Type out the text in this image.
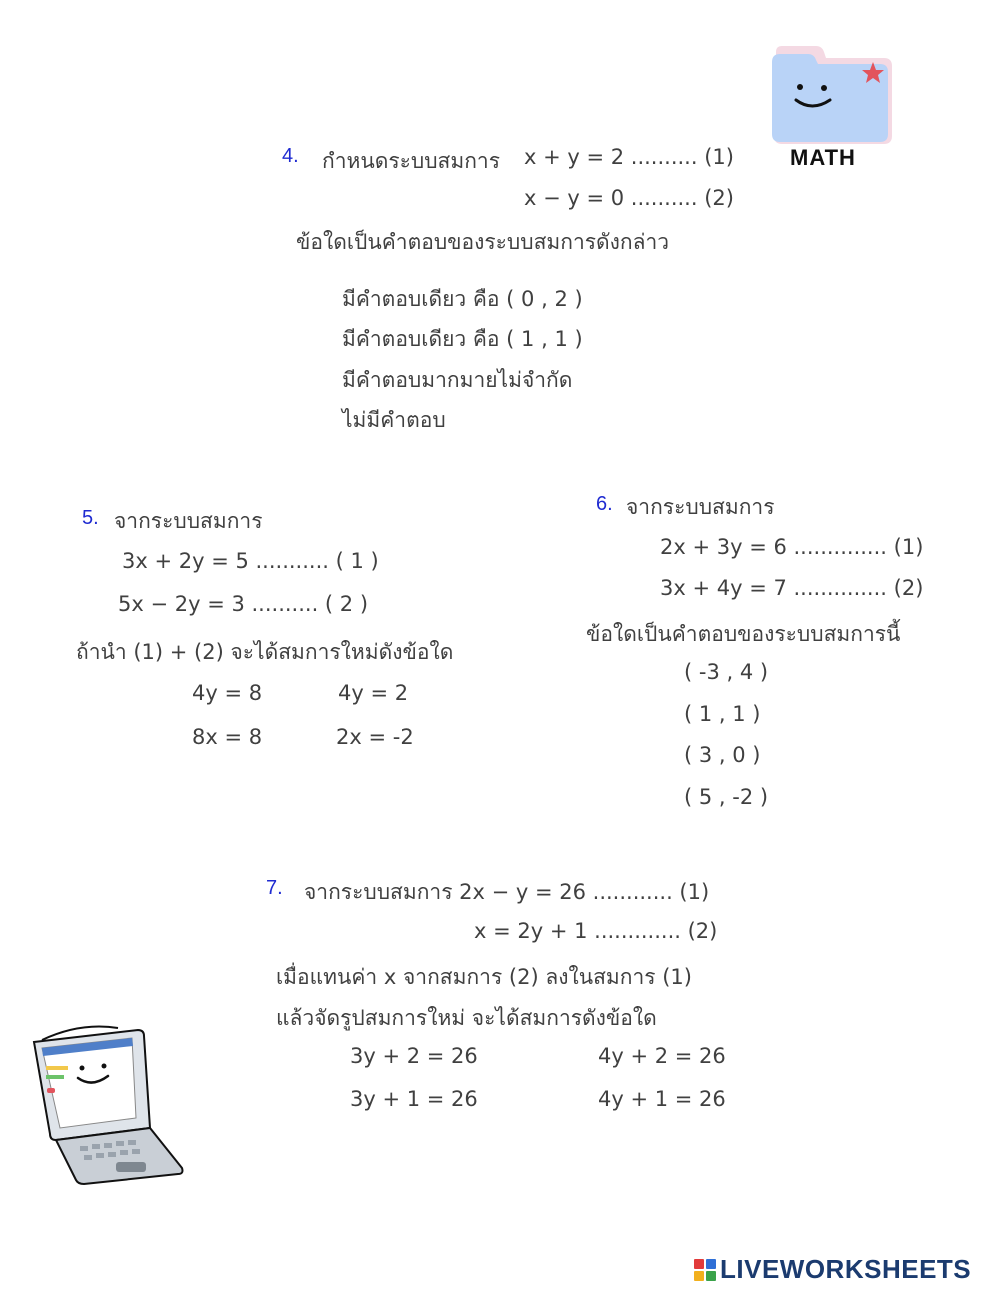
MATH
4. กำหนดระบบสมการ x + y = 2 .......... (1)
x − y = 0 .......... (2)
ข้อใดเป็นคำตอบของระบบสมการดังกล่าว
มีคำตอบเดียว คือ ( 0 , 2 )
มีคำตอบเดียว คือ ( 1 , 1 )
มีคำตอบมากมายไม่จำกัด
ไม่มีคำตอบ
5. จากระบบสมการ
3x + 2y = 5 ........... ( 1 )
5x − 2y = 3 .......... ( 2 )
ถ้านำ (1) + (2) จะได้สมการใหม่ดังข้อใด
4y = 8	4y = 2
8x = 8	2x = -2
6. จากระบบสมการ
2x + 3y = 6 .............. (1)
3x + 4y = 7 .............. (2)
ข้อใดเป็นคำตอบของระบบสมการนี้
( -3 , 4 )
( 1 , 1 )
( 3 , 0 )
( 5 , -2 )
7. จากระบบสมการ 2x − y = 26 ............ (1)
x = 2y + 1 ............. (2)
เมื่อแทนค่า x จากสมการ (2) ลงในสมการ (1)
แล้วจัดรูปสมการใหม่ จะได้สมการดังข้อใด
3y + 2 = 26	4y + 2 = 26
3y + 1 = 26	4y + 1 = 26
LIVEWORKSHEETS
